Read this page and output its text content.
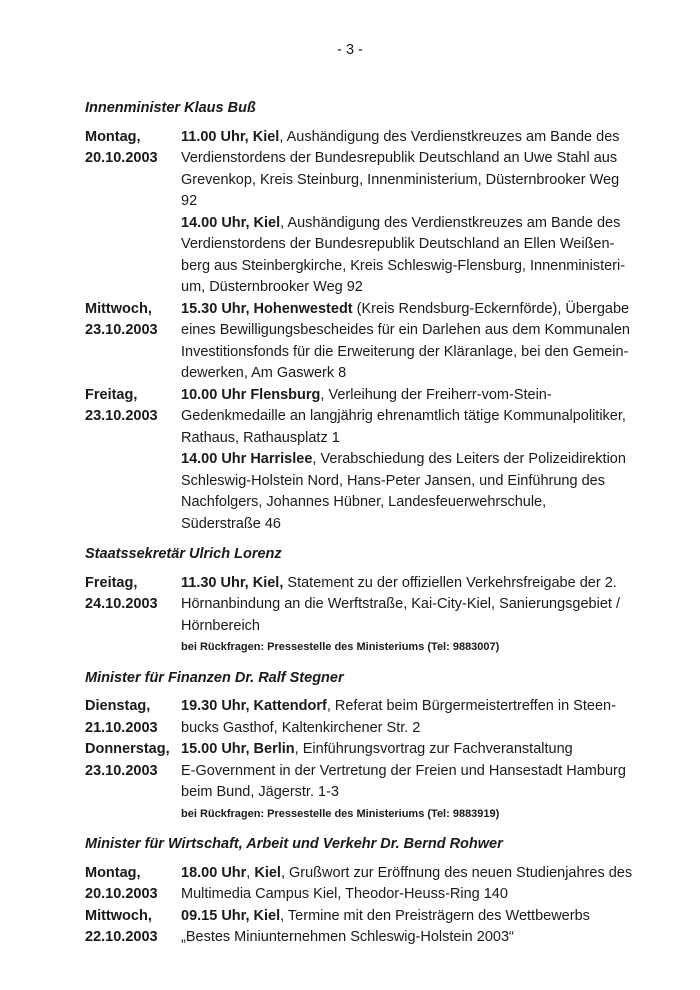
- 3 -
Innenminister Klaus Buß
Montag,
20.10.2003
11.00 Uhr, Kiel, Aushändigung des Verdienstkreuzes am Bande des
Verdienstordens der Bundesrepublik Deutschland an Uwe Stahl aus
Grevenkop, Kreis Steinburg, Innenministerium, Düsternbrooker Weg
92
14.00 Uhr, Kiel, Aushändigung des Verdienstkreuzes am Bande des
Verdienstordens der Bundesrepublik Deutschland an Ellen Weißen-
berg aus Steinbergkirche, Kreis Schleswig-Flensburg, Innenministeri-
um, Düsternbrooker Weg 92
Mittwoch,
23.10.2003
15.30 Uhr, Hohenwestedt (Kreis Rendsburg-Eckernförde), Übergabe
eines Bewilligungsbescheides für ein Darlehen aus dem Kommunalen
Investitionsfonds für die Erweiterung der Kläranlage, bei den Gemein-
dewerken, Am Gaswerk 8
Freitag,
23.10.2003
10.00 Uhr Flensburg, Verleihung der Freiherr-vom-Stein-
Gedenkmedaille an langjährig ehrenamtlich tätige Kommunalpolitiker,
Rathaus, Rathausplatz 1
14.00 Uhr Harrislee, Verabschiedung des Leiters der Polizeidirektion
Schleswig-Holstein Nord, Hans-Peter Jansen, und Einführung des
Nachfolgers, Johannes Hübner, Landesfeuerwehrschule,
Süderstraße 46
Staatssekretär Ulrich Lorenz
Freitag,
24.10.2003
11.30 Uhr, Kiel, Statement zu der offiziellen Verkehrsfreigabe der 2.
Hörnanbindung an die Werftstraße, Kai-City-Kiel, Sanierungsgebiet /
Hörnbereich
bei Rückfragen: Pressestelle des Ministeriums (Tel: 9883007)
Minister für Finanzen Dr. Ralf Stegner
Dienstag,
21.10.2003
19.30 Uhr, Kattendorf, Referat beim Bürgermeistertreffen in Steen-
bucks Gasthof, Kaltenkirchener Str. 2
Donnerstag,
23.10.2003
15.00 Uhr, Berlin, Einführungsvortrag zur Fachveranstaltung
E-Government in der Vertretung der Freien und Hansestadt Hamburg
beim Bund, Jägerstr. 1-3
bei Rückfragen: Pressestelle des Ministeriums (Tel: 9883919)
Minister für Wirtschaft, Arbeit und Verkehr Dr. Bernd Rohwer
Montag,
20.10.2003
18.00 Uhr, Kiel, Grußwort zur Eröffnung des neuen Studienjahres des
Multimedia Campus Kiel, Theodor-Heuss-Ring 140
Mittwoch,
22.10.2003
09.15 Uhr, Kiel, Termine mit den Preisträgern des Wettbewerbs
„Bestes Miniunternehmen Schleswig-Holstein 2003“
